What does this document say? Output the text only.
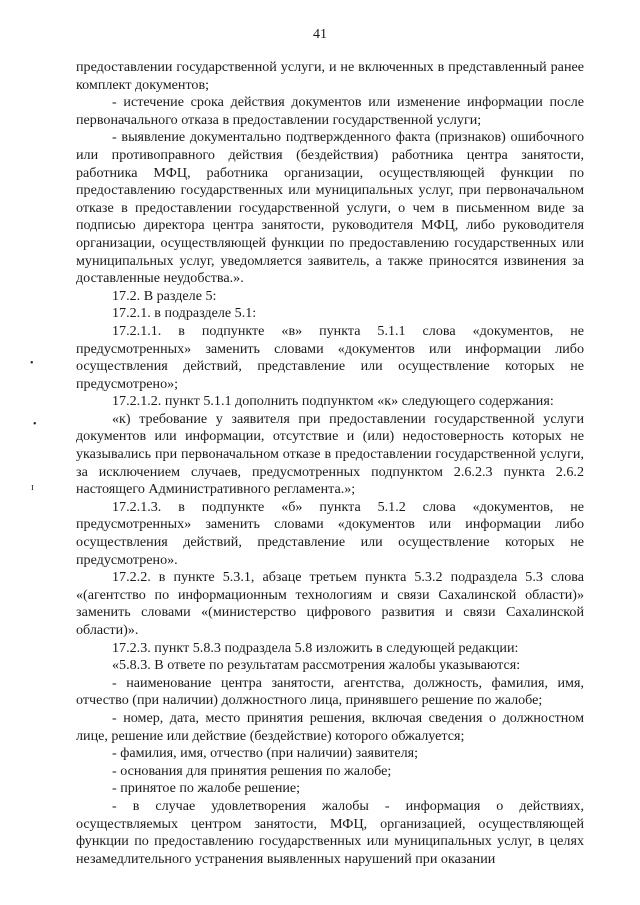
41
•
•
ɪ

предоставлении государственной услуги, и не включенных в представленный ранее комплект документов;

- истечение срока действия документов или изменение информации после первоначального отказа в предоставлении государственной услуги;

- выявление документально подтвержденного факта (признаков) ошибочного или противоправного действия (бездействия) работника центра занятости, работника МФЦ, работника организации, осуществляющей функции по предоставлению государственных или муниципальных услуг, при первоначальном отказе в предоставлении государственной услуги, о чем в письменном виде за подписью директора центра занятости, руководителя МФЦ, либо руководителя организации, осуществляющей функции по предоставлению государственных или муниципальных услуг, уведомляется заявитель, а также приносятся извинения за доставленные неудобства.».

17.2. В разделе 5:

17.2.1. в подразделе 5.1:

17.2.1.1. в подпункте «в» пункта 5.1.1 слова «документов, не предусмотренных» заменить словами «документов или информации либо осуществления действий, представление или осуществление которых не предусмотрено»;

17.2.1.2. пункт 5.1.1 дополнить подпунктом «к» следующего содержания:

«к) требование у заявителя при предоставлении государственной услуги документов или информации, отсутствие и (или) недостоверность которых не указывались при первоначальном отказе в предоставлении государственной услуги, за исключением случаев, предусмотренных подпунктом 2.6.2.3 пункта 2.6.2 настоящего Административного регламента.»;

17.2.1.3. в подпункте «б» пункта 5.1.2 слова «документов, не предусмотренных» заменить словами «документов или информации либо осуществления действий, представление или осуществление которых не предусмотрено».

17.2.2. в пункте 5.3.1, абзаце третьем пункта 5.3.2 подраздела 5.3 слова «(агентство по информационным технологиям и связи Сахалинской области)» заменить словами «(министерство цифрового развития и связи Сахалинской области)».

17.2.3. пункт 5.8.3 подраздела 5.8 изложить в следующей редакции:

«5.8.3. В ответе по результатам рассмотрения жалобы указываются:

- наименование центра занятости, агентства, должность, фамилия, имя, отчество (при наличии) должностного лица, принявшего решение по жалобе;

- номер, дата, место принятия решения, включая сведения о должностном лице, решение или действие (бездействие) которого обжалуется;

- фамилия, имя, отчество (при наличии) заявителя;

- основания для принятия решения по жалобе;

- принятое по жалобе решение;

- в случае удовлетворения жалобы - информация о действиях, осуществляемых центром занятости, МФЦ, организацией, осуществляющей функции по предоставлению государственных или муниципальных услуг, в целях незамедлительного устранения выявленных нарушений при оказании
